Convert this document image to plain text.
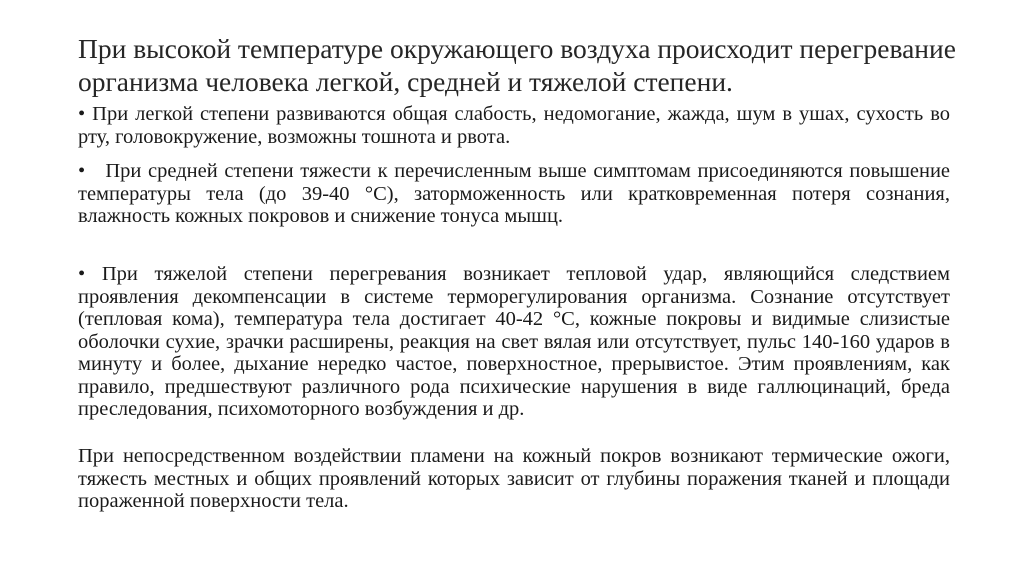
При высокой температуре окружающего воздуха происходит перегревание организма человека легкой, средней и тяжелой степени.

• При легкой степени развиваются общая слабость, недомогание, жажда, шум в ушах, сухость во рту, головокружение, возможны тошнота и рвота.

• При средней степени тяжести к перечисленным выше симптомам присоединяются повышение температуры тела (до 39-40 °С), заторможенность или кратковременная потеря сознания, влажность кожных покровов и снижение тонуса мышц.

• При тяжелой степени перегревания возникает тепловой удар, являющийся следствием проявления декомпенсации в системе терморегулирования организма. Сознание отсутствует (тепловая кома), температура тела достигает 40-42 °С, кожные покровы и видимые слизистые оболочки сухие, зрачки расширены, реакция на свет вялая или отсутствует, пульс 140-160 ударов в минуту и более, дыхание нередко частое, поверхностное, прерывистое. Этим проявлениям, как правило, предшествуют различного рода психические нарушения в виде галлюцинаций, бреда преследования, психомоторного возбуждения и др.

При непосредственном воздействии пламени на кожный покров возникают термические ожоги, тяжесть местных и общих проявлений которых зависит от глубины поражения тканей и площади пораженной поверхности тела.
